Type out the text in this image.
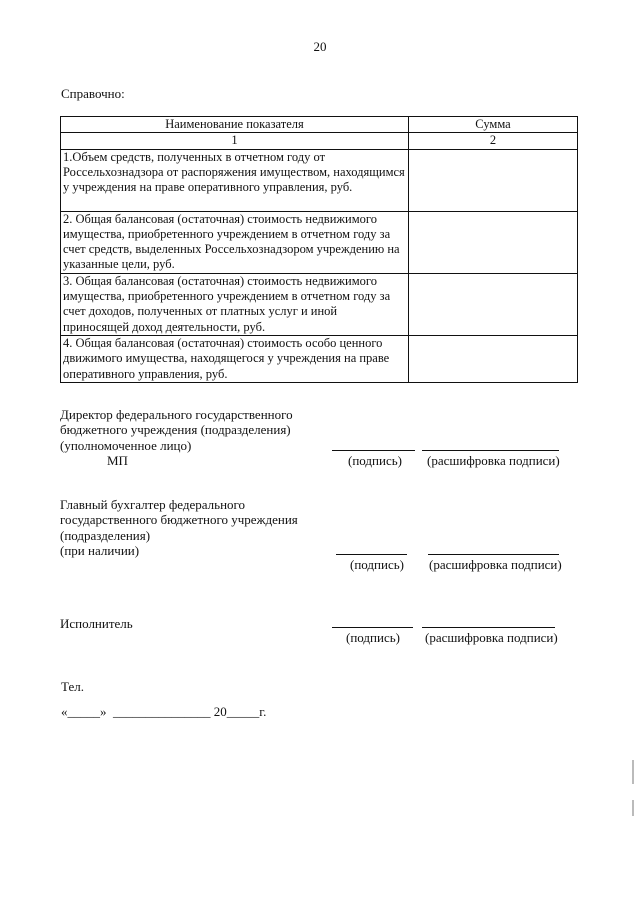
20
Справочно:
Наименование показателя	Сумма
1	2
1.Объем средств, полученных в отчетном году от Россельхознадзора от распоряжения имуществом, находящимся у учреждения на праве оперативного управления, руб.	
2. Общая балансовая (остаточная) стоимость недвижимого имущества, приобретенного учреждением в отчетном году за счет средств, выделенных Россельхознадзором учреждению на указанные цели, руб.	
3. Общая балансовая (остаточная) стоимость недвижимого имущества, приобретенного учреждением в отчетном году за счет доходов, полученных от платных услуг и иной приносящей доход деятельности, руб.	
4. Общая балансовая (остаточная) стоимость особо ценного движимого имущества, находящегося у учреждения на праве оперативного управления, руб.	
Директор федерального государственного
бюджетного учреждения (подразделения)
(уполномоченное лицо)
МП	(подпись) (расшифровка подписи)
Главный бухгалтер федерального
государственного бюджетного учреждения
(подразделения)
(при наличии)
(подпись) (расшифровка подписи)
Исполнитель
(подпись) (расшифровка подписи)
Тел.
«_____»  _______________ 20_____г.
